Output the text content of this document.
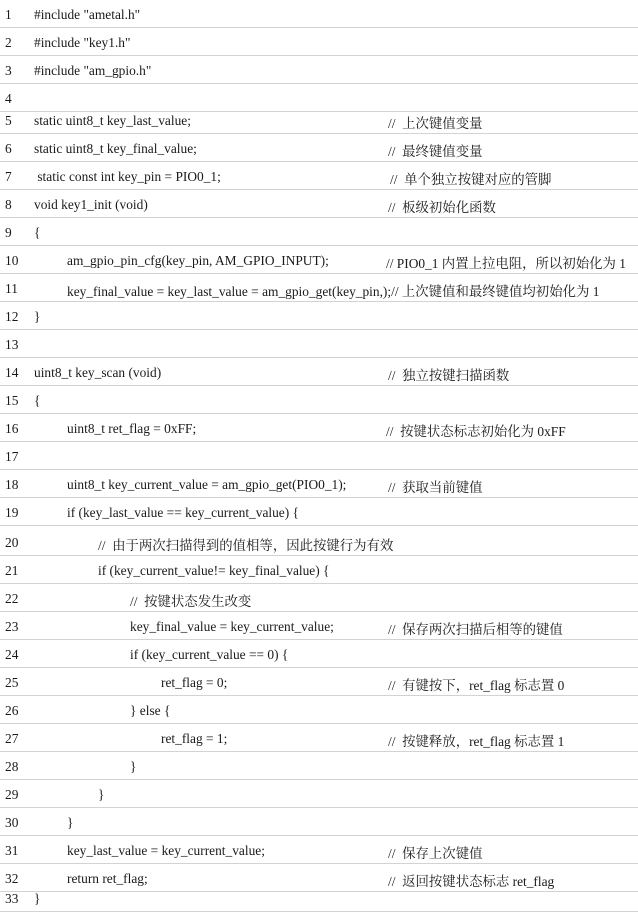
1 #include "ametal.h"
2 #include "key1.h"
3 #include "am_gpio.h"
4
5 static uint8_t key_last_value;	//  上次键值变量
6 static uint8_t key_final_value;	//  最终键值变量
7 static const int key_pin = PIO0_1;	//  单个独立按键对应的管脚
8 void key1_init (void)	//  板级初始化函数
9 {
10	am_gpio_pin_cfg(key_pin, AM_GPIO_INPUT);	// PIO0_1 内置上拉电阻，所以初始化为 1
11	key_final_value = key_last_value = am_gpio_get(key_pin,);// 上次键值和最终键值均初始化为 1
12 }
13
14 uint8_t key_scan (void)	//  独立按键扫描函数
15 {
16	uint8_t ret_flag = 0xFF;	//  按键状态标志初始化为 0xFF
17
18	uint8_t key_current_value = am_gpio_get(PIO0_1);	//  获取当前键值
19	if (key_last_value == key_current_value) {
20	//  由于两次扫描得到的值相等，因此按键行为有效
21	if (key_current_value!= key_final_value) {
22	//  按键状态发生改变
23	key_final_value = key_current_value;	//  保存两次扫描后相等的键值
24	if (key_current_value == 0) {
25	ret_flag = 0;	//  有键按下，ret_flag 标志置 0
26	} else {
27	ret_flag = 1;	//  按键释放，ret_flag 标志置 1
28	}
29	}
30	}
31	key_last_value = key_current_value;	//  保存上次键值
32	return ret_flag;	//  返回按键状态标志 ret_flag
33 }
